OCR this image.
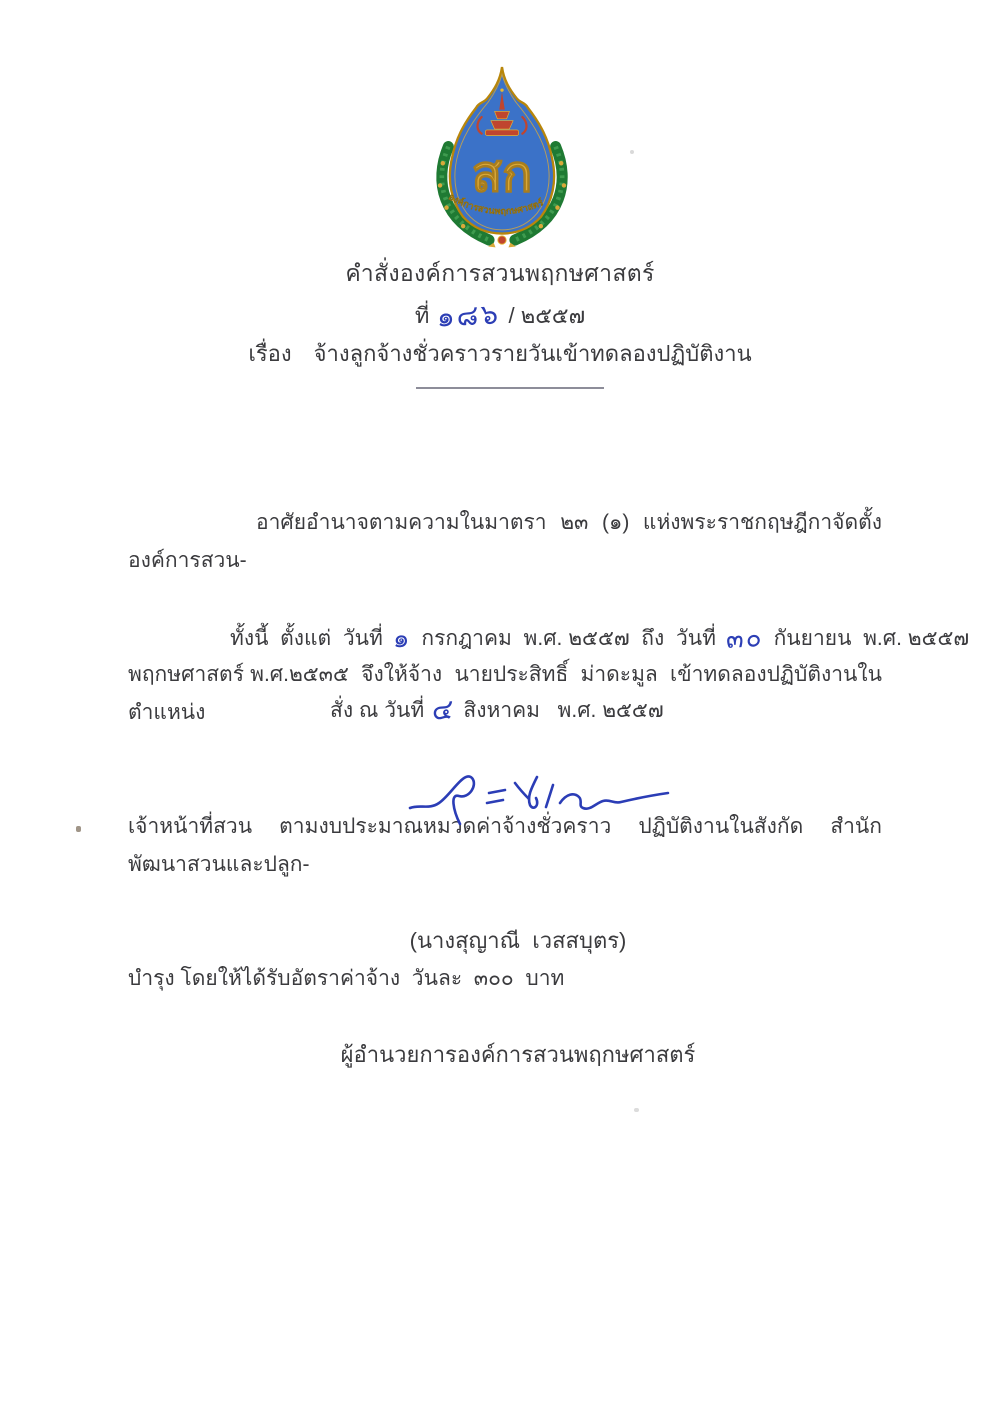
สก
องค์การสวนพฤกษศาสตร์
คำสั่งองค์การสวนพฤกษศาสตร์
ที่ ๑๘๖ / ๒๕๕๗
เรื่อง จ้างลูกจ้างชั่วคราวรายวันเข้าทดลองปฏิบัติงาน

อาศัยอำนาจตามความในมาตรา ๒๓ (๑) แห่งพระราชกฤษฎีกาจัดตั้งองค์การสวน-

พฤกษศาสตร์ พ.ศ.๒๕๓๕  จึงให้จ้าง  นายประสิทธิ์  ม่าดะมูล  เข้าทดลองปฏิบัติงานในตำแหน่ง

เจ้าหน้าที่สวน  ตามงบประมาณหมวดค่าจ้างชั่วคราว  ปฏิบัติงานในสังกัด  สำนักพัฒนาสวนและปลูก-

บำรุง โดยให้ได้รับอัตราค่าจ้าง  วันละ  ๓๐๐  บาท

ทั้งนี้  ตั้งแต่  วันที่ ๑ กรกฎาคม  พ.ศ. ๒๕๕๗  ถึง  วันที่ ๓๐ กันยายน  พ.ศ. ๒๕๕๗
สั่ง ณ วันที่ ๔ สิงหาคม   พ.ศ. ๒๕๕๗

(นางสุญาณี  เวสสบุตร)

ผู้อำนวยการองค์การสวนพฤกษศาสตร์
